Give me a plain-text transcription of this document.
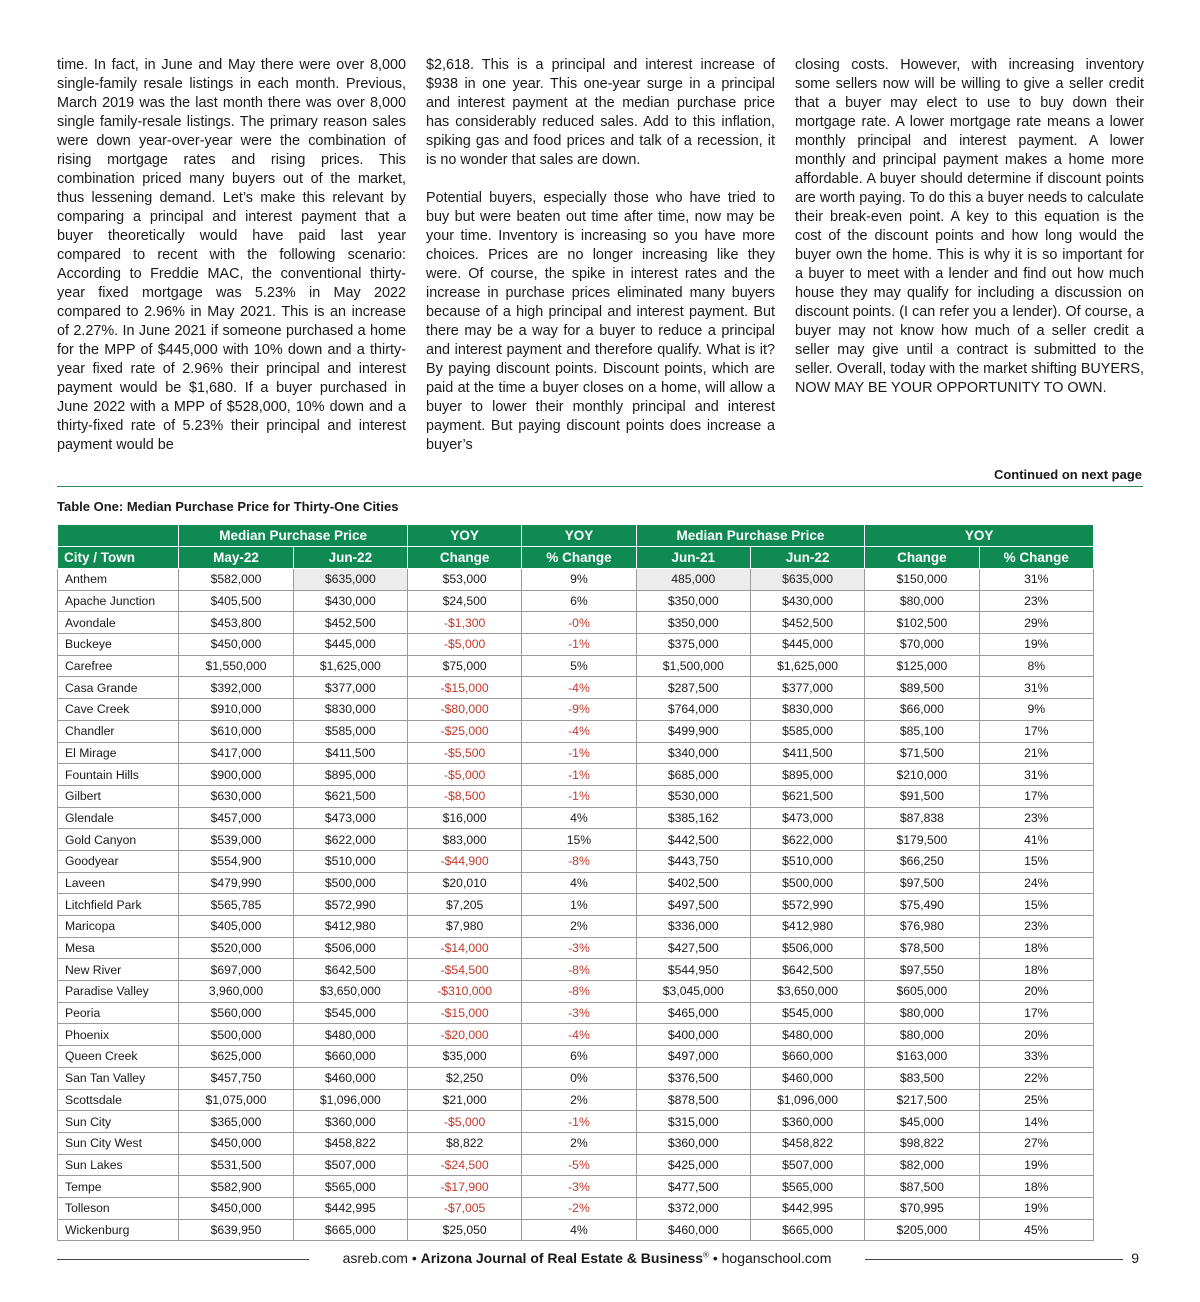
time. In fact, in June and May there were over 8,000 single-family resale listings in each month. Previous, March 2019 was the last month there was over 8,000 single family-resale listings. The primary reason sales were down year-over-year were the combination of rising mortgage rates and rising prices. This combination priced many buyers out of the market, thus lessening demand. Let’s make this relevant by comparing a principal and interest payment that a buyer theoretically would have paid last year compared to recent with the following scenario: According to Freddie MAC, the conventional thirty-year fixed mortgage was 5.23% in May 2022 compared to 2.96% in May 2021. This is an increase of 2.27%. In June 2021 if someone purchased a home for the MPP of $445,000 with 10% down and a thirty-year fixed rate of 2.96% their principal and interest payment would be $1,680. If a buyer purchased in June 2022 with a MPP of $528,000, 10% down and a thirty-fixed rate of 5.23% their principal and interest payment would be

$2,618. This is a principal and interest increase of $938 in one year. This one-year surge in a principal and interest payment at the median purchase price has considerably reduced sales. Add to this inflation, spiking gas and food prices and talk of a recession, it is no wonder that sales are down.

Potential buyers, especially those who have tried to buy but were beaten out time after time, now may be your time. Inventory is increasing so you have more choices. Prices are no longer increasing like they were. Of course, the spike in interest rates and the increase in purchase prices eliminated many buyers because of a high principal and interest payment. But there may be a way for a buyer to reduce a principal and interest payment and therefore qualify. What is it? By paying discount points. Discount points, which are paid at the time a buyer closes on a home, will allow a buyer to lower their monthly principal and interest payment. But paying discount points does increase a buyer’s

closing costs. However, with increasing inventory some sellers now will be willing to give a seller credit that a buyer may elect to use to buy down their mortgage rate. A lower mortgage rate means a lower monthly principal and interest payment. A lower monthly and principal payment makes a home more affordable. A buyer should determine if discount points are worth paying. To do this a buyer needs to calculate their break-even point. A key to this equation is the cost of the discount points and how long would the buyer own the home. This is why it is so important for a buyer to meet with a lender and find out how much house they may qualify for including a discussion on discount points. (I can refer you a lender). Of course, a buyer may not know how much of a seller credit a seller may give until a contract is submitted to the seller. Overall, today with the market shifting BUYERS, NOW MAY BE YOUR OPPORTUNITY TO OWN.

Continued on next page
Table One: Median Purchase Price for Thirty-One Cities
	Median Purchase Price		YOY	YOY	Median Purchase Price		YOY	
City / Town	May-22	Jun-22	Change	% Change	Jun-21	Jun-22	Change	% Change
Anthem	$582,000	$635,000	$53,000	9%	485,000	$635,000	$150,000	31%
Apache Junction	$405,500	$430,000	$24,500	6%	$350,000	$430,000	$80,000	23%
Avondale	$453,800	$452,500	-$1,300	-0%	$350,000	$452,500	$102,500	29%
Buckeye	$450,000	$445,000	-$5,000	-1%	$375,000	$445,000	$70,000	19%
Carefree	$1,550,000	$1,625,000	$75,000	5%	$1,500,000	$1,625,000	$125,000	8%
Casa Grande	$392,000	$377,000	-$15,000	-4%	$287,500	$377,000	$89,500	31%
Cave Creek	$910,000	$830,000	-$80,000	-9%	$764,000	$830,000	$66,000	9%
Chandler	$610,000	$585,000	-$25,000	-4%	$499,900	$585,000	$85,100	17%
El Mirage	$417,000	$411,500	-$5,500	-1%	$340,000	$411,500	$71,500	21%
Fountain Hills	$900,000	$895,000	-$5,000	-1%	$685,000	$895,000	$210,000	31%
Gilbert	$630,000	$621,500	-$8,500	-1%	$530,000	$621,500	$91,500	17%
Glendale	$457,000	$473,000	$16,000	4%	$385,162	$473,000	$87,838	23%
Gold Canyon	$539,000	$622,000	$83,000	15%	$442,500	$622,000	$179,500	41%
Goodyear	$554,900	$510,000	-$44,900	-8%	$443,750	$510,000	$66,250	15%
Laveen	$479,990	$500,000	$20,010	4%	$402,500	$500,000	$97,500	24%
Litchfield Park	$565,785	$572,990	$7,205	1%	$497,500	$572,990	$75,490	15%
Maricopa	$405,000	$412,980	$7,980	2%	$336,000	$412,980	$76,980	23%
Mesa	$520,000	$506,000	-$14,000	-3%	$427,500	$506,000	$78,500	18%
New River	$697,000	$642,500	-$54,500	-8%	$544,950	$642,500	$97,550	18%
Paradise Valley	3,960,000	$3,650,000	-$310,000	-8%	$3,045,000	$3,650,000	$605,000	20%
Peoria	$560,000	$545,000	-$15,000	-3%	$465,000	$545,000	$80,000	17%
Phoenix	$500,000	$480,000	-$20,000	-4%	$400,000	$480,000	$80,000	20%
Queen Creek	$625,000	$660,000	$35,000	6%	$497,000	$660,000	$163,000	33%
San Tan Valley	$457,750	$460,000	$2,250	0%	$376,500	$460,000	$83,500	22%
Scottsdale	$1,075,000	$1,096,000	$21,000	2%	$878,500	$1,096,000	$217,500	25%
Sun City	$365,000	$360,000	-$5,000	-1%	$315,000	$360,000	$45,000	14%
Sun City West	$450,000	$458,822	$8,822	2%	$360,000	$458,822	$98,822	27%
Sun Lakes	$531,500	$507,000	-$24,500	-5%	$425,000	$507,000	$82,000	19%
Tempe	$582,900	$565,000	-$17,900	-3%	$477,500	$565,000	$87,500	18%
Tolleson	$450,000	$442,995	-$7,005	-2%	$372,000	$442,995	$70,995	19%
Wickenburg	$639,950	$665,000	$25,050	4%	$460,000	$665,000	$205,000	45%
asreb.com • Arizona Journal of Real Estate & Business® • hoganschool.com	9
